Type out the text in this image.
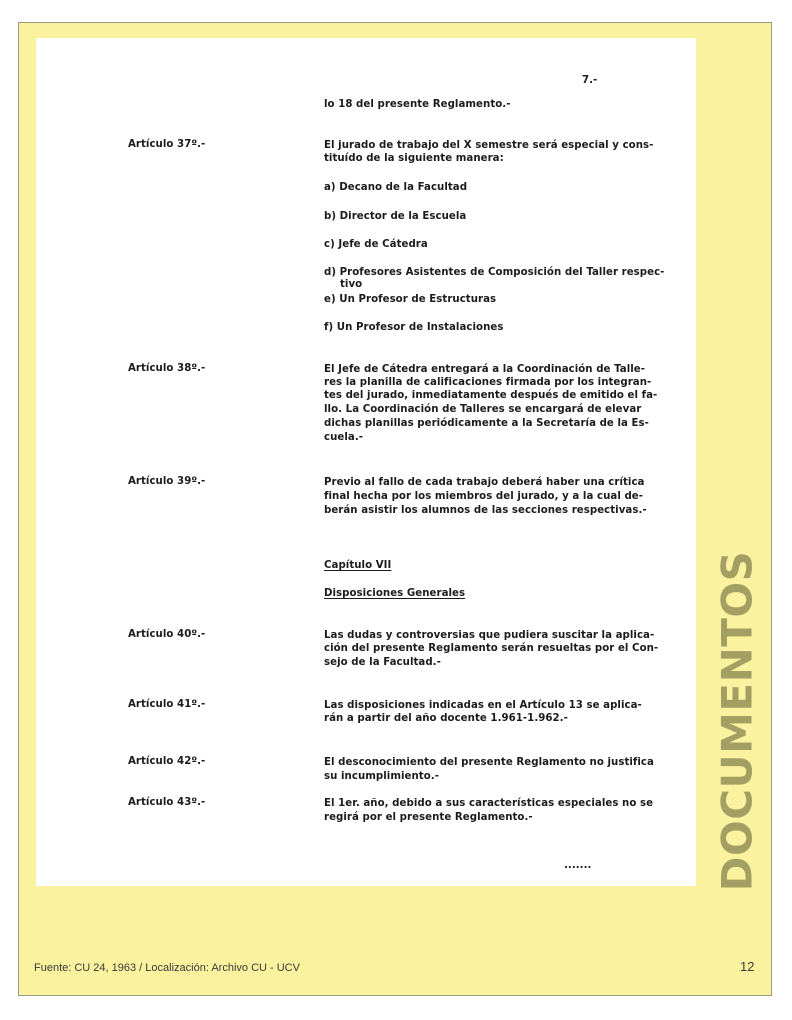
7.-
lo 18 del presente Reglamento.-
Artículo 37º.-	El jurado de trabajo del X semestre será especial y cons-
tituído de la siguiente manera:
a) Decano de la Facultad
b) Director de la Escuela
c) Jefe de Cátedra
d) Profesores Asistentes de Composición del Taller respec-
tivo
e) Un Profesor de Estructuras
f) Un Profesor de Instalaciones
Artículo 38º.-	El Jefe de Cátedra entregará a la Coordinación de Talle-
res la planilla de calificaciones firmada por los integran-
tes del jurado, inmediatamente después de emitido el fa-
llo. La Coordinación de Talleres se encargará de elevar
dichas planillas periódicamente a la Secretaría de la Es-
cuela.-
Artículo 39º.-	Previo al fallo de cada trabajo deberá haber una crítica
final hecha por los miembros del jurado, y a la cual de-
berán asistir los alumnos de las secciones respectivas.-
Capítulo VII
Disposiciones Generales
Artículo 40º.-	Las dudas y controversias que pudiera suscitar la aplica-
ción del presente Reglamento serán resueltas por el Con-
sejo de la Facultad.-
Artículo 41º.-	Las disposiciones indicadas en el Artículo 13 se aplica-
rán a partir del año docente 1.961-1.962.-
Artículo 42º.-	El desconocimiento del presente Reglamento no justifica
su incumplimiento.-
Artículo 43º.-	El 1er. año, debido a sus características especiales no se
regirá por el presente Reglamento.-
.......	DOCUMENTOS
Fuente: CU 24, 1963 / Localización: Archivo CU - UCV	12
